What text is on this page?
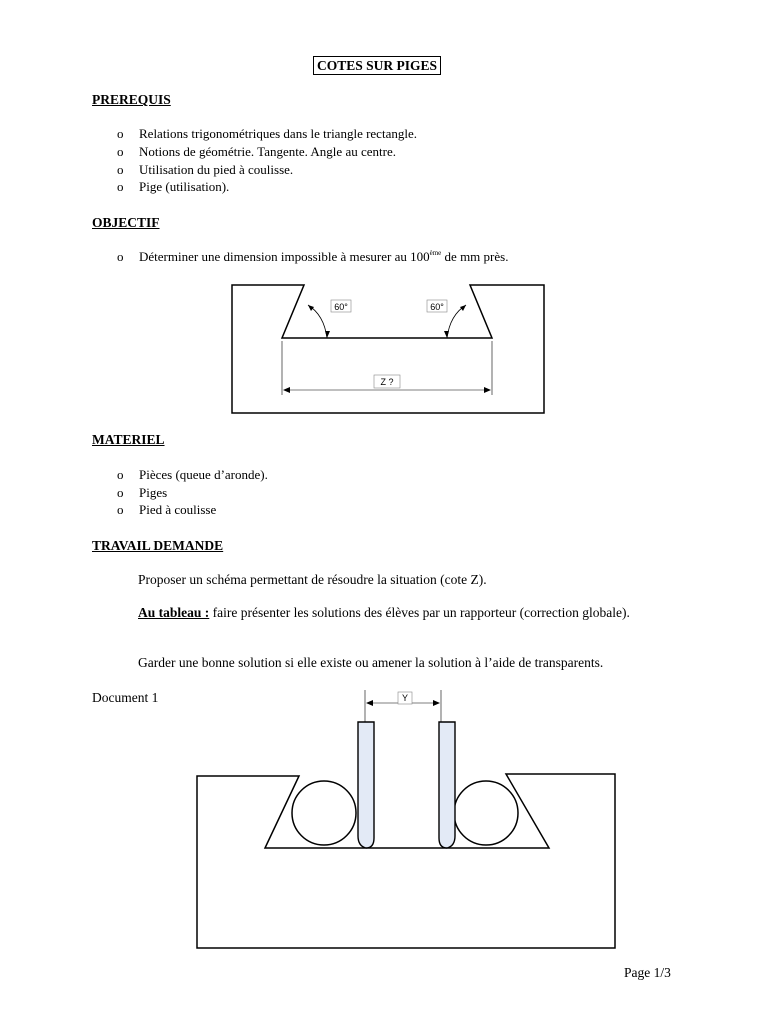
COTES SUR PIGES
PREREQUIS
o Relations trigonométriques dans le triangle rectangle.
o Notions de géométrie. Tangente. Angle au centre.
o Utilisation du pied à coulisse.
o Pige (utilisation).
OBJECTIF
o Déterminer une dimension impossible à mesurer au 100ème de mm près.
60°	60°
Z ?
MATERIEL
o Pièces (queue d’aronde).
o Piges
o Pied à coulisse
TRAVAIL DEMANDE
Proposer un schéma permettant de résoudre la situation (cote Z).
Au tableau : faire présenter les solutions des élèves par un rapporteur (correction globale).
Garder une bonne solution si elle existe ou amener la solution à l’aide de transparents.
Document 1	Y
Page 1/3
